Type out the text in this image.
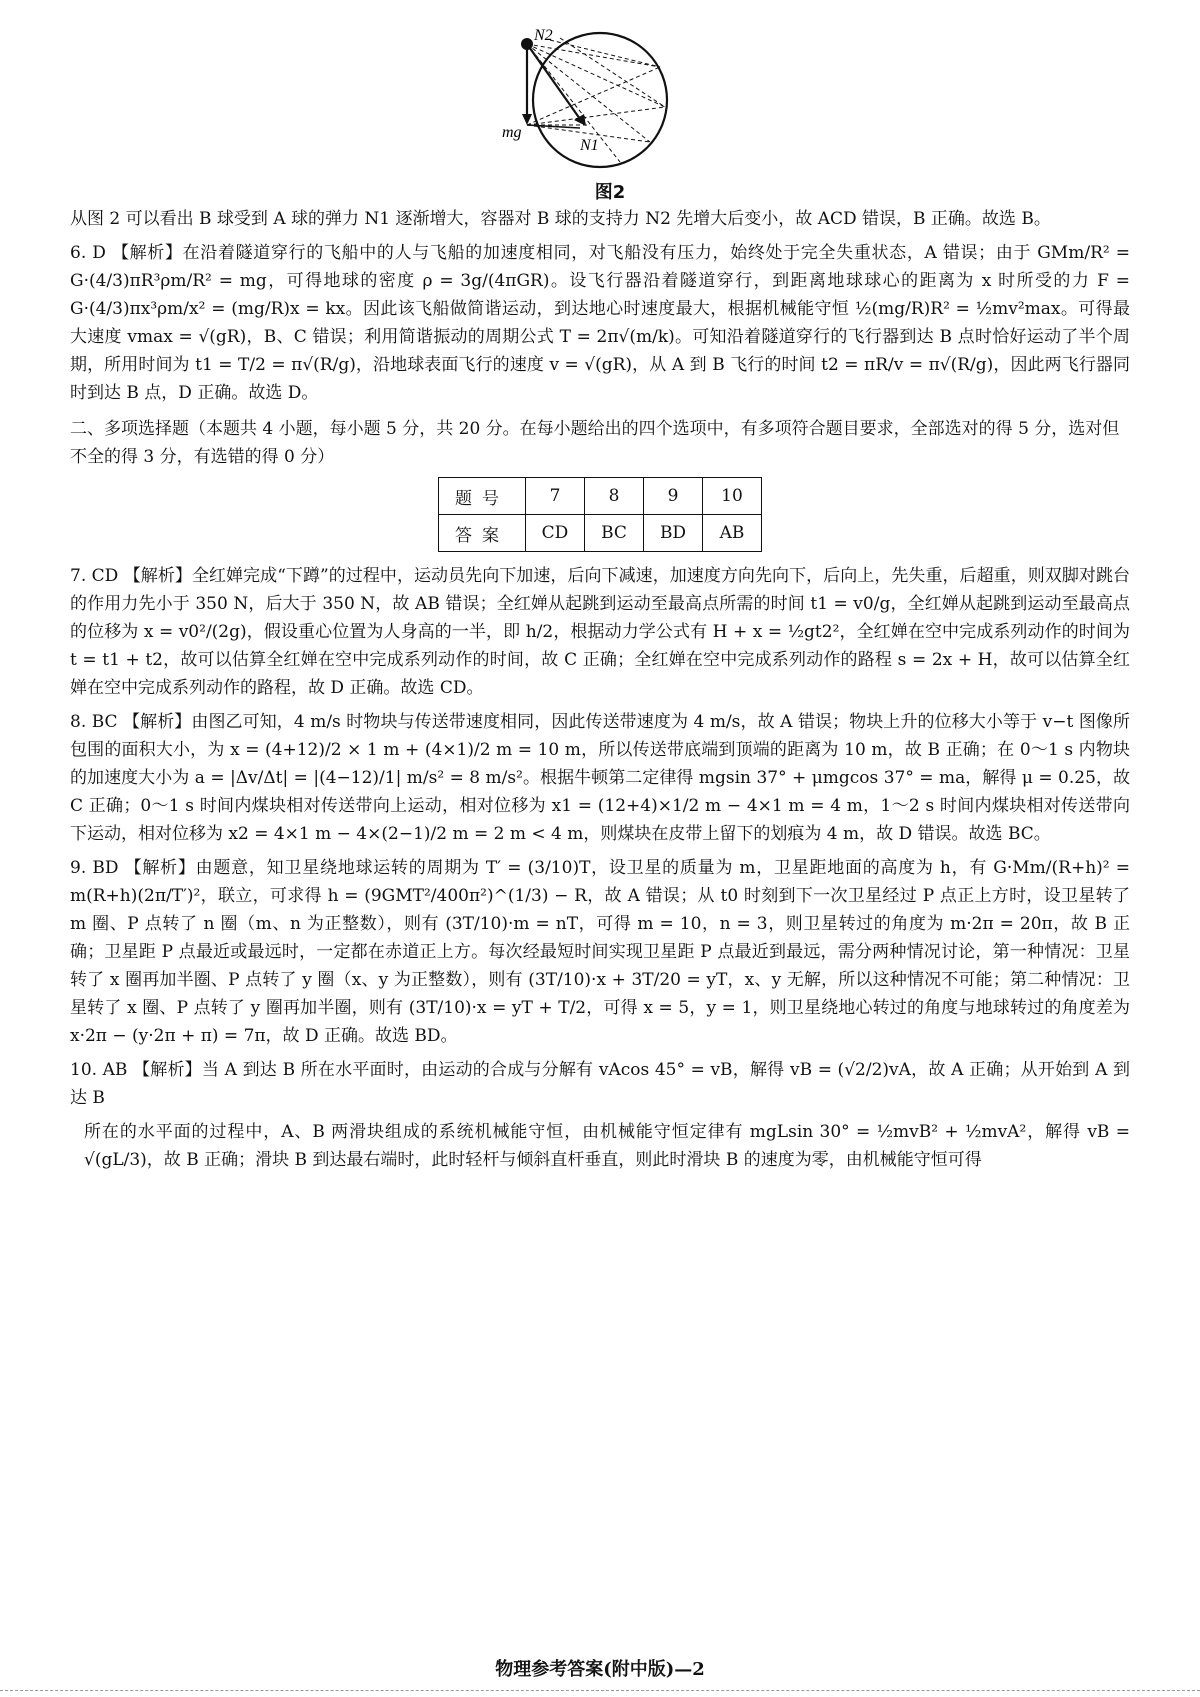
N2
mg
N1
图2

从图 2 可以看出 B 球受到 A 球的弹力 N1 逐渐增大，容器对 B 球的支持力 N2 先增大后变小，故 ACD 错误，B 正确。故选 B。

6. D 【解析】在沿着隧道穿行的飞船中的人与飞船的加速度相同，对飞船没有压力，始终处于完全失重状态，A 错误；由于 GMm/R² = G·(4/3)πR³ρm/R² = mg，可得地球的密度 ρ = 3g/(4πGR)。设飞行器沿着隧道穿行，到距离地球球心的距离为 x 时所受的力 F = G·(4/3)πx³ρm/x² = (mg/R)x = kx。因此该飞船做简谐运动，到达地心时速度最大，根据机械能守恒 ½(mg/R)R² = ½mv²max。可得最大速度 vmax = √(gR)，B、C 错误；利用简谐振动的周期公式 T = 2π√(m/k)。可知沿着隧道穿行的飞行器到达 B 点时恰好运动了半个周期，所用时间为 t1 = T/2 = π√(R/g)，沿地球表面飞行的速度 v = √(gR)，从 A 到 B 飞行的时间 t2 = πR/v = π√(R/g)，因此两飞行器同时到达 B 点，D 正确。故选 D。

二、多项选择题（本题共 4 小题，每小题 5 分，共 20 分。在每小题给出的四个选项中，有多项符合题目要求，全部选对的得 5 分，选对但不全的得 3 分，有选错的得 0 分）

题号	7	8	9	10
答案	CD	BC	BD	AB

7. CD 【解析】全红婵完成“下蹲”的过程中，运动员先向下加速，后向下减速，加速度方向先向下，后向上，先失重，后超重，则双脚对跳台的作用力先小于 350 N，后大于 350 N，故 AB 错误；全红婵从起跳到运动至最高点所需的时间 t1 = v0/g，全红婵从起跳到运动至最高点的位移为 x = v0²/(2g)，假设重心位置为人身高的一半，即 h/2，根据动力学公式有 H + x = ½gt2²，全红婵在空中完成系列动作的时间为 t = t1 + t2，故可以估算全红婵在空中完成系列动作的时间，故 C 正确；全红婵在空中完成系列动作的路程 s = 2x + H，故可以估算全红婵在空中完成系列动作的路程，故 D 正确。故选 CD。

8. BC 【解析】由图乙可知，4 m/s 时物块与传送带速度相同，因此传送带速度为 4 m/s，故 A 错误；物块上升的位移大小等于 v−t 图像所包围的面积大小，为 x = (4+12)/2 × 1 m + (4×1)/2 m = 10 m，所以传送带底端到顶端的距离为 10 m，故 B 正确；在 0～1 s 内物块的加速度大小为 a = |Δv/Δt| = |(4−12)/1| m/s² = 8 m/s²。根据牛顿第二定律得 mgsin 37° + μmgcos 37° = ma，解得 μ = 0.25，故 C 正确；0～1 s 时间内煤块相对传送带向上运动，相对位移为 x1 = (12+4)×1/2 m − 4×1 m = 4 m，1～2 s 时间内煤块相对传送带向下运动，相对位移为 x2 = 4×1 m − 4×(2−1)/2 m = 2 m < 4 m，则煤块在皮带上留下的划痕为 4 m，故 D 错误。故选 BC。

9. BD 【解析】由题意，知卫星绕地球运转的周期为 T′ = (3/10)T，设卫星的质量为 m，卫星距地面的高度为 h，有 G·Mm/(R+h)² = m(R+h)(2π/T′)²，联立，可求得 h = (9GMT²/400π²)^(1/3) − R，故 A 错误；从 t0 时刻到下一次卫星经过 P 点正上方时，设卫星转了 m 圈、P 点转了 n 圈（m、n 为正整数），则有 (3T/10)·m = nT，可得 m = 10，n = 3，则卫星转过的角度为 m·2π = 20π，故 B 正确；卫星距 P 点最近或最远时，一定都在赤道正上方。每次经最短时间实现卫星距 P 点最近到最远，需分两种情况讨论，第一种情况：卫星转了 x 圈再加半圈、P 点转了 y 圈（x、y 为正整数），则有 (3T/10)·x + 3T/20 = yT，x、y 无解，所以这种情况不可能；第二种情况：卫星转了 x 圈、P 点转了 y 圈再加半圈，则有 (3T/10)·x = yT + T/2，可得 x = 5，y = 1，则卫星绕地心转过的角度与地球转过的角度差为 x·2π − (y·2π + π) = 7π，故 D 正确。故选 BD。

10. AB 【解析】当 A 到达 B 所在水平面时，由运动的合成与分解有 vAcos 45° = vB，解得 vB = (√2/2)vA，故 A 正确；从开始到 A 到达 B

所在的水平面的过程中，A、B 两滑块组成的系统机械能守恒，由机械能守恒定律有 mgLsin 30° = ½mvB² + ½mvA²，解得 vB = √(gL/3)，故 B 正确；滑块 B 到达最右端时，此时轻杆与倾斜直杆垂直，则此时滑块 B 的速度为零，由机械能守恒可得

物理参考答案(附中版)—2
